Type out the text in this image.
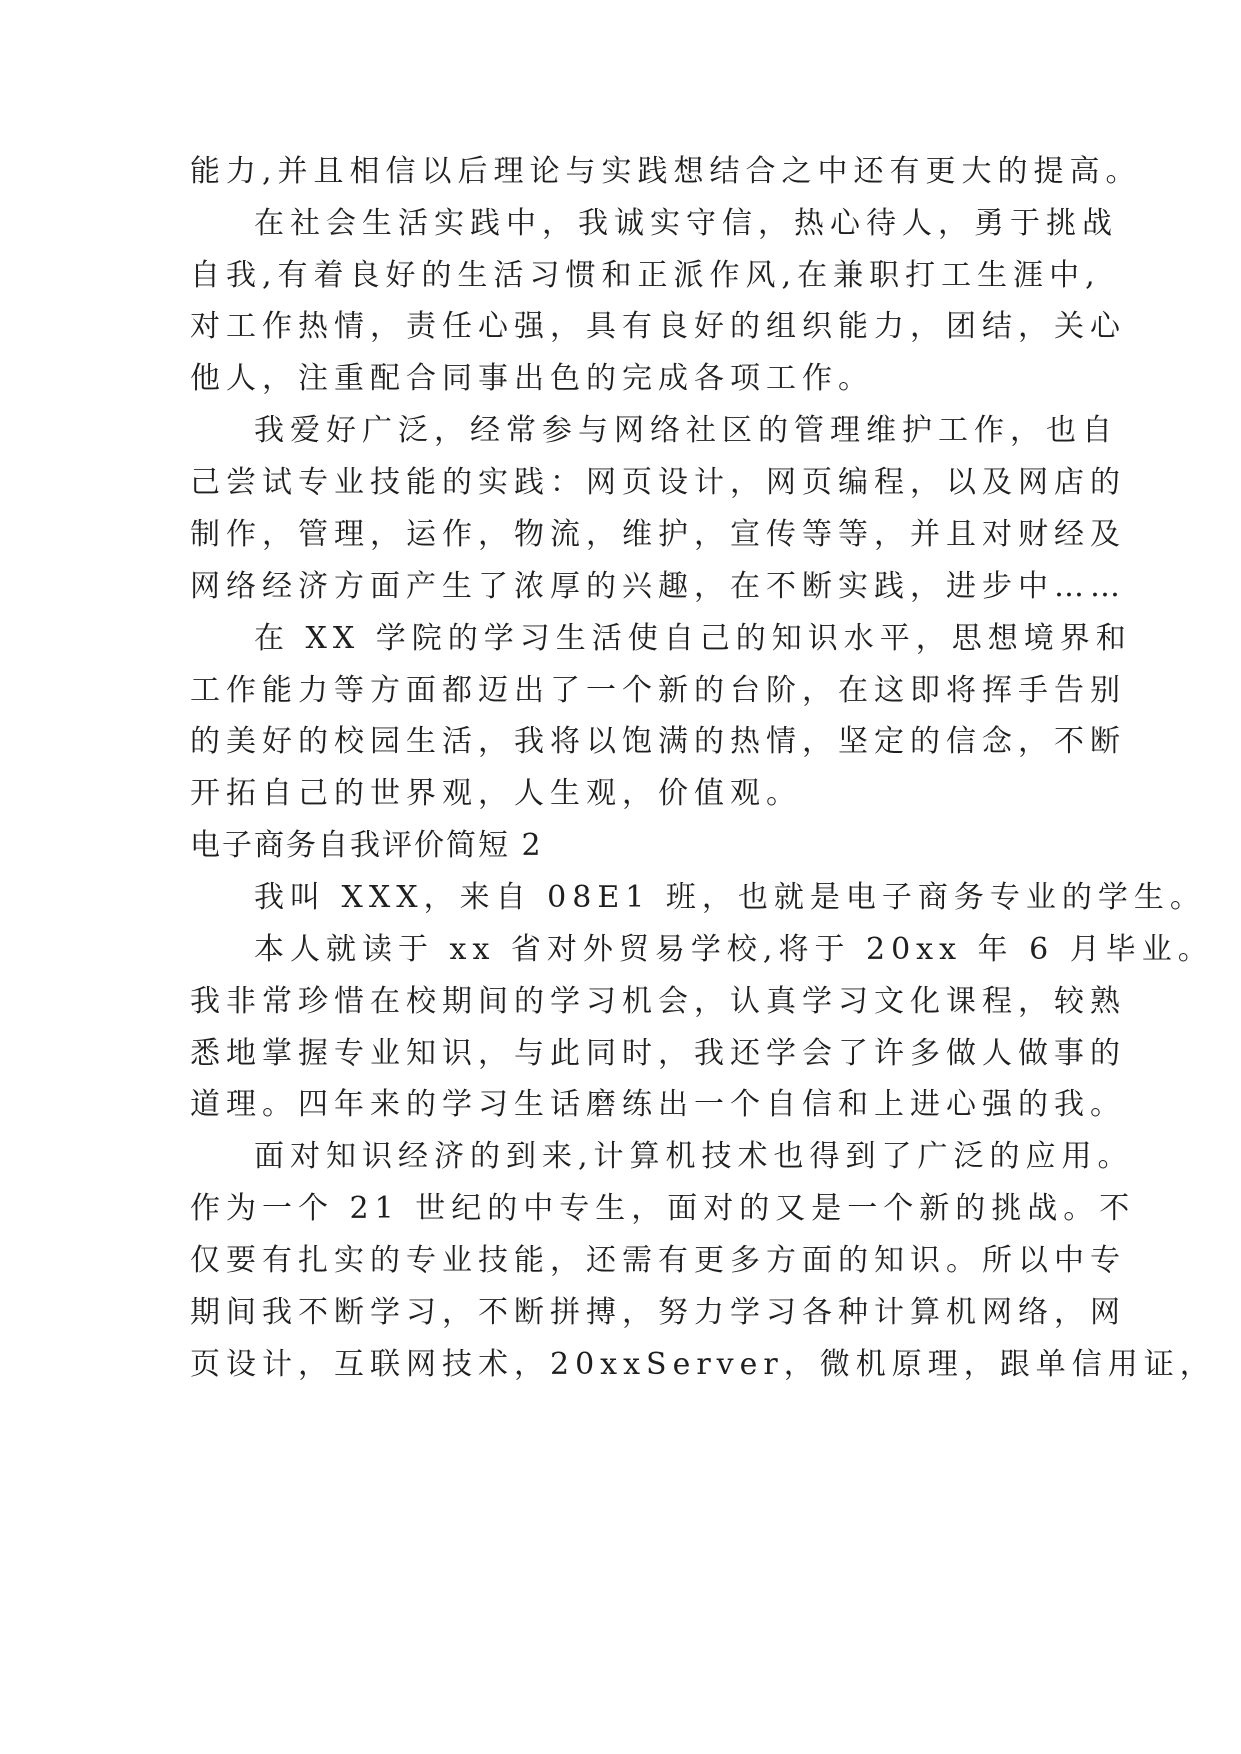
能力,并且相信以后理论与实践想结合之中还有更大的提高。

在社会生活实践中，我诚实守信，热心待人，勇于挑战

自我,有着良好的生活习惯和正派作风,在兼职打工生涯中,

对工作热情，责任心强，具有良好的组织能力，团结，关心

他人，注重配合同事出色的完成各项工作。

我爱好广泛，经常参与网络社区的管理维护工作，也自

己尝试专业技能的实践：网页设计，网页编程，以及网店的

制作，管理，运作，物流，维护，宣传等等，并且对财经及

网络经济方面产生了浓厚的兴趣，在不断实践，进步中……

在 XX 学院的学习生活使自己的知识水平，思想境界和

工作能力等方面都迈出了一个新的台阶，在这即将挥手告别

的美好的校园生活，我将以饱满的热情，坚定的信念，不断

开拓自己的世界观，人生观，价值观。

电子商务自我评价简短 2

我叫 XXX，来自 08E1 班，也就是电子商务专业的学生。

本人就读于 xx 省对外贸易学校,将于 20xx 年 6 月毕业。

我非常珍惜在校期间的学习机会，认真学习文化课程，较熟

悉地掌握专业知识，与此同时，我还学会了许多做人做事的

道理。四年来的学习生话磨练出一个自信和上进心强的我。

面对知识经济的到来,计算机技术也得到了广泛的应用。

作为一个 21 世纪的中专生，面对的又是一个新的挑战。不

仅要有扎实的专业技能，还需有更多方面的知识。所以中专

期间我不断学习，不断拼搏，努力学习各种计算机网络，网

页设计，互联网技术，20xxServer，微机原理，跟单信用证，
